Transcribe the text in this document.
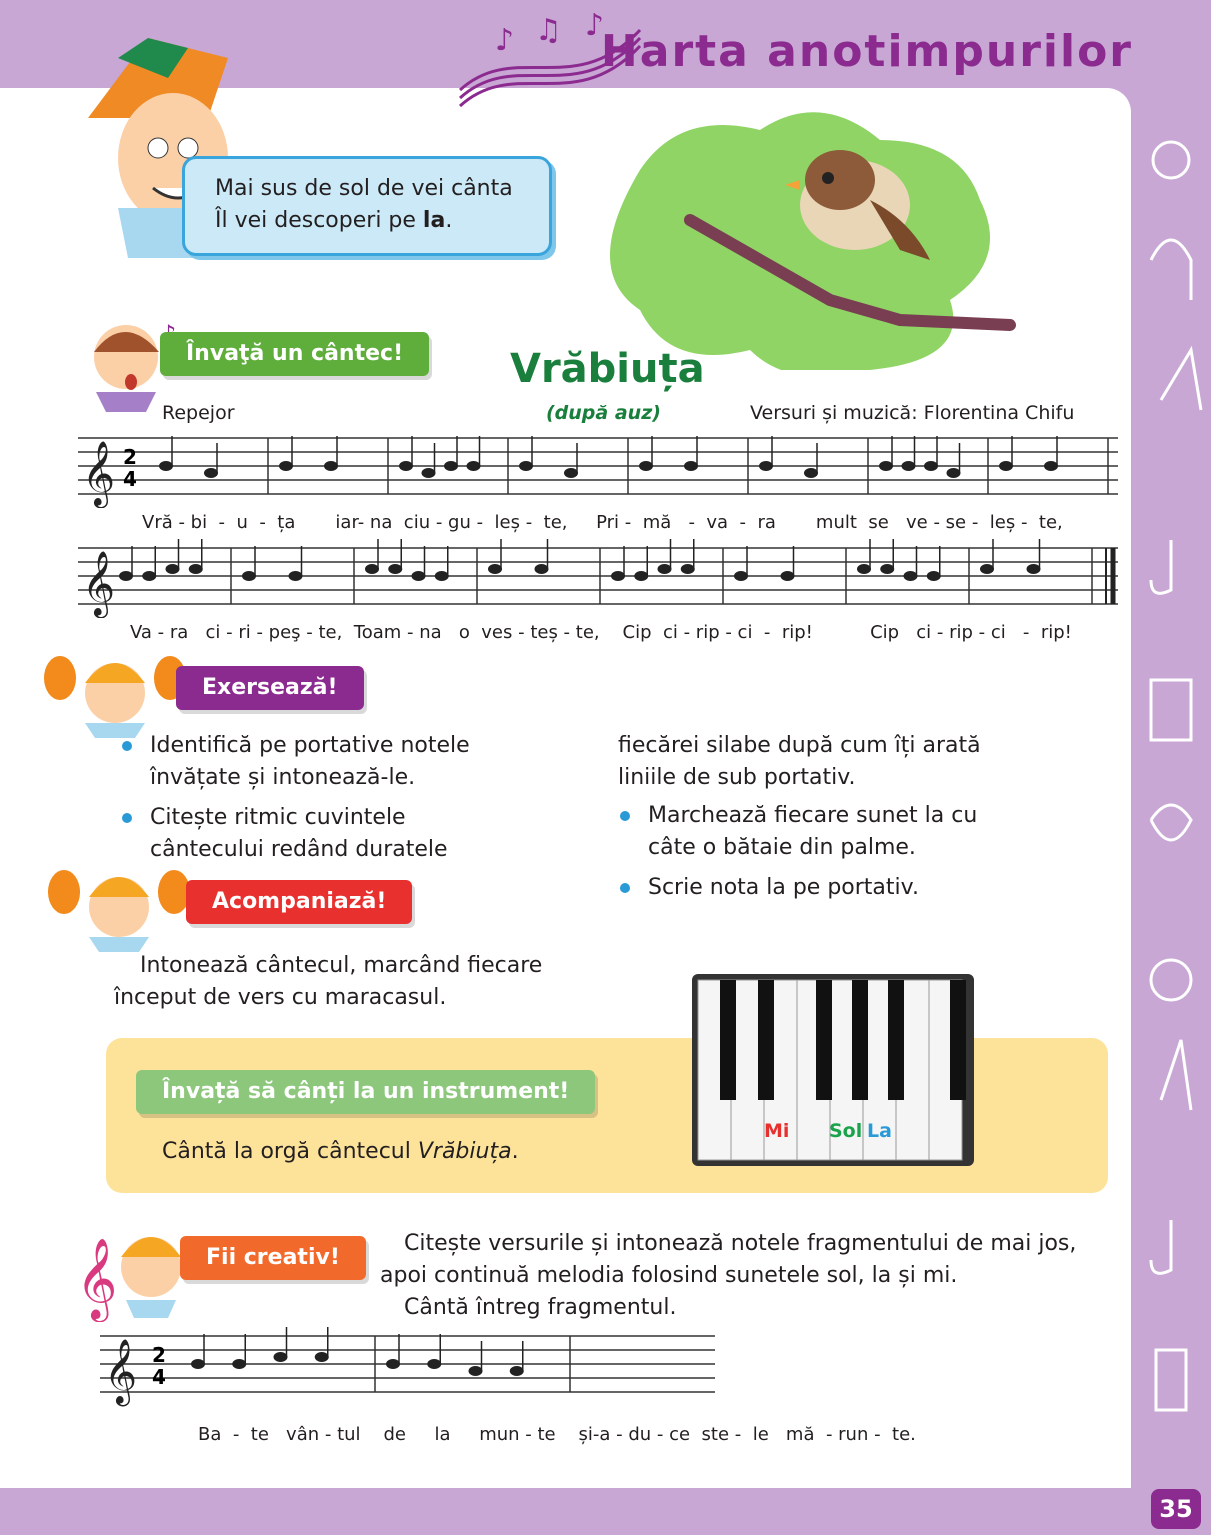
Harta anotimpurilor
♪ ♫ ♪
35
Mai sus de sol de vei cânta
Îl vei descoperi pe la.
Învaţă un cântec!	Vrăbiuța
(după auz)
Repejor	Versuri și muzică: Florentina Chifu
𝄞 2
4
Vră - bi  -  u  -  ța       iar- na  ciu - gu -  leș -  te,     Pri -  mă   -  va  -  ra       mult  se   ve - se -  leș -  te,
𝄞
Va - ra   ci - ri - peş - te,  Toam - na   o  ves - teș - te,    Cip  ci - rip - ci  -  rip!          Cip   ci - rip - ci   -  rip!
Exersează!
Identifică pe portative notele învățate și intonează-le.
Citește ritmic cuvintele cântecului redând duratele
fiecărei silabe după cum îți arată liniile de sub portativ.
Marchează fiecare sunet la cu câte o bătaie din palme.
Scrie nota la pe portativ.
Acompaniază!
Intonează cântecul, marcând fiecare început de vers cu maracasul.
Învață să cânți la un instrument!
Cântă la orgă cântecul Vrăbiuța.
Mi Sol La
𝄞	Fii creativ!
Citește versurile și intonează notele fragmentului de mai jos,
apoi continuă melodia folosind sunetele sol, la și mi.
Cântă întreg fragmentul.
𝄞 2
4
Ba  -  te   vân - tul    de     la     mun - te    și-a - du - ce  ste -  le   mă  - run -  te.
